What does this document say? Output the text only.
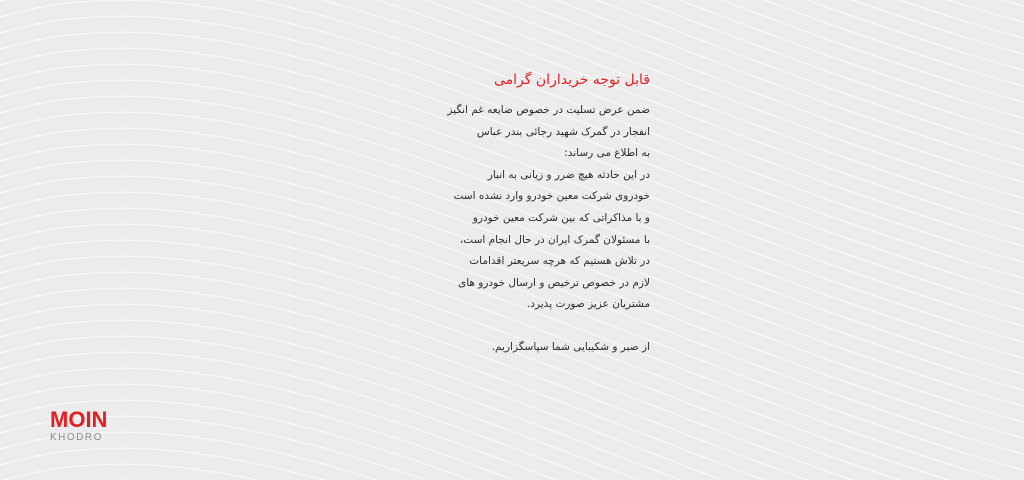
قابل توجه خریداران گرامی

ضمن عرض تسلیت در خصوص ضایعه غم انگیز
انفجار در گمرک شهید رجائی بندر عباس
به اطلاع می رساند:
در این حادثه هیچ ضرر و زیانی به انبار
خودروی شرکت معین خودرو وارد نشده است
و با مذاکراتی که بین شرکت معین خودرو
با مسئولان گمرک ایران در حال انجام است،
در تلاش هستیم که هرچه سریعتر اقدامات
لازم در خصوص ترخیص و ارسال خودرو های
مشتریان عزیز صورت پذیرد.

از صبر و شکیبایی شما سپاسگزاریم.

MOIN
KHODRO
